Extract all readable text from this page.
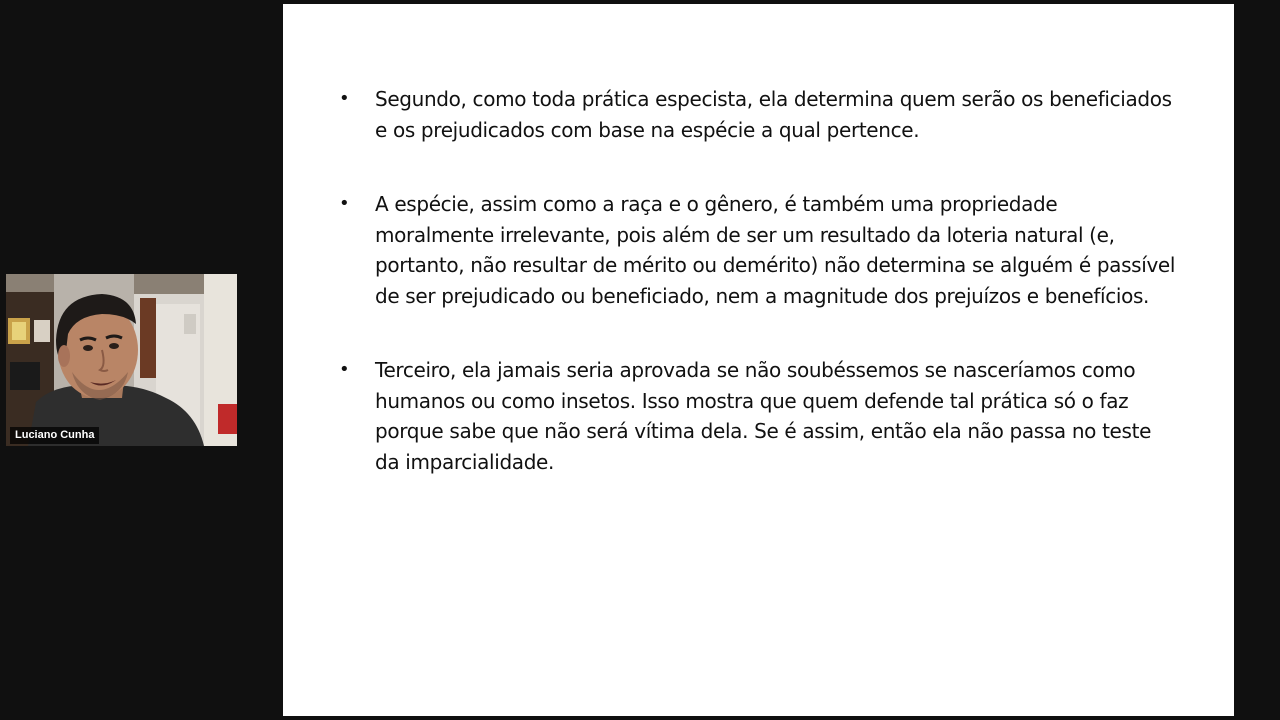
Luciano Cunha
• Segundo, como toda prática especista, ela determina quem serão os beneficiados e os prejudicados com base na espécie a qual pertence.
• A espécie, assim como a raça e o gênero, é também uma propriedade moralmente irrelevante, pois além de ser um resultado da loteria natural (e, portanto, não resultar de mérito ou demérito) não determina se alguém é passível de ser prejudicado ou beneficiado, nem a magnitude dos prejuízos e benefícios.
• Terceiro, ela jamais seria aprovada se não soubéssemos se nasceríamos como humanos ou como insetos. Isso mostra que quem defende tal prática só o faz porque sabe que não será vítima dela. Se é assim, então ela não passa no teste da imparcialidade.
